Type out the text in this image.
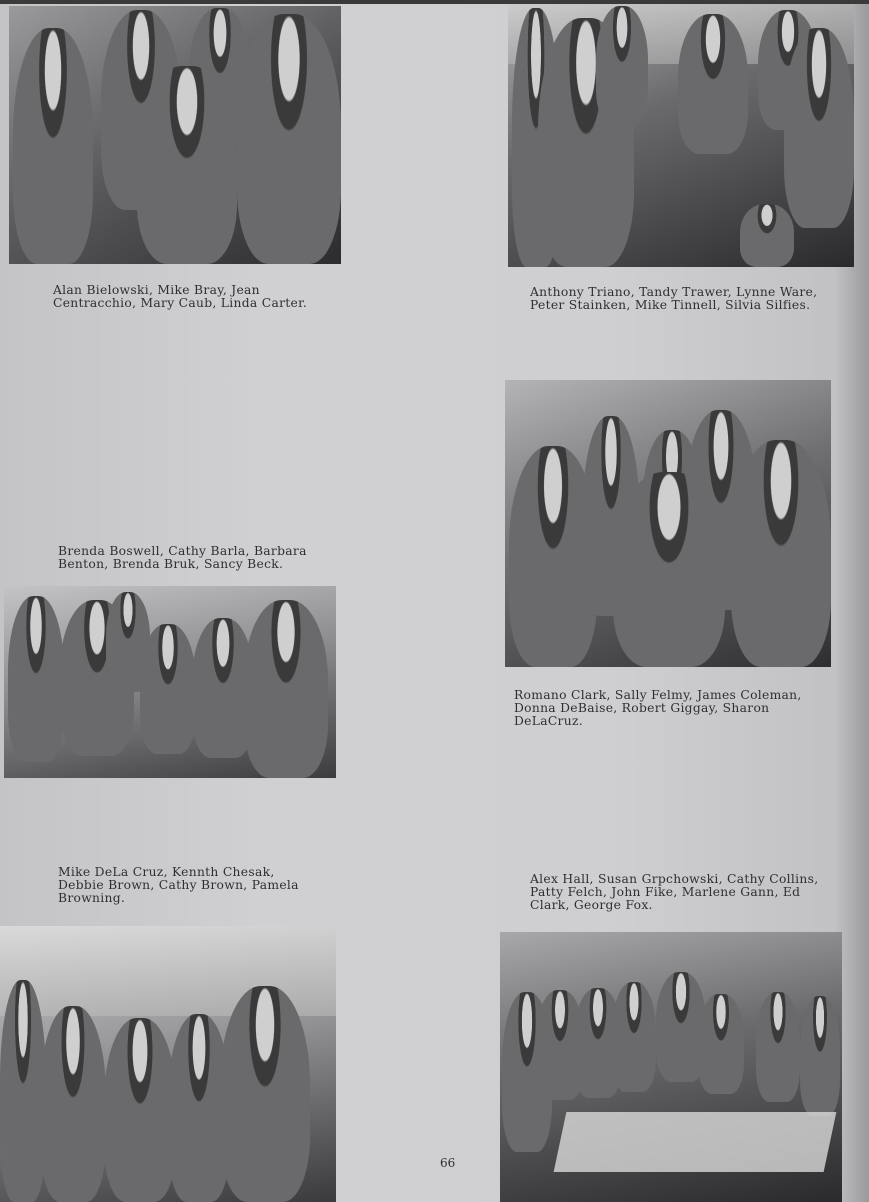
Alan Bielowski, Mike Bray, Jean
Centracchio, Mary Caub, Linda Carter.

Anthony Triano, Tandy Trawer, Lynne Ware,
Peter Stainken, Mike Tinnell, Silvia Silfies.

Brenda Boswell, Cathy Barla, Barbara
Benton, Brenda Bruk, Sancy Beck.

Romano Clark, Sally Felmy, James Coleman,
Donna DeBaise, Robert Giggay, Sharon
DeLaCruz.

Mike DeLa Cruz, Kennth Chesak,
Debbie Brown, Cathy Brown, Pamela
Browning.

Alex Hall, Susan Grpchowski, Cathy Collins,
Patty Felch, John Fike, Marlene Gann, Ed
Clark, George Fox.

66
